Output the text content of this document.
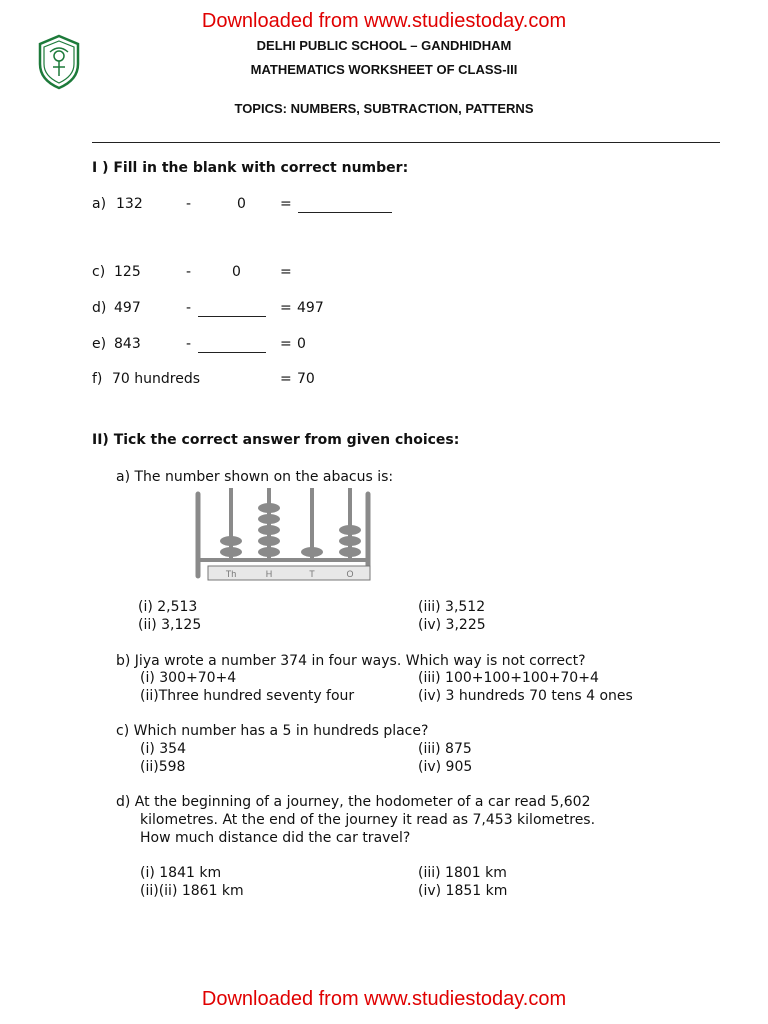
Downloaded from www.studiestoday.com
Downloaded from www.studiestoday.com
DELHI PUBLIC SCHOOL – GANDHIDHAM
MATHEMATICS WORKSHEET OF CLASS-III
TOPICS: NUMBERS, SUBTRACTION, PATTERNS
I ) Fill in the blank with correct number:
a) 132	-	0 =
c) 125	-	0	=
d) 497	-	= 497
e) 843	-	= 0
f) 70 hundreds	= 70
II) Tick the correct answer from given choices:
a) The number shown on the abacus is:
Th	H	T	O
(i) 2,513	(iii) 3,512
(ii) 3,125	(iv) 3,225
b) Jiya wrote a number 374 in four ways. Which way is not correct?
(i) 300+70+4	(iii) 100+100+100+70+4
(ii)Three hundred seventy four	(iv) 3 hundreds 70 tens 4 ones
c) Which number has a 5 in hundreds place?
(i) 354	(iii) 875
(ii)598	(iv) 905
d) At the beginning of a journey, the hodometer of a car read 5,602
kilometres. At the end of the journey it read as 7,453 kilometres.
How much distance did the car travel?
(i) 1841 km	(iii) 1801 km
(ii)(ii) 1861 km	(iv) 1851 km
